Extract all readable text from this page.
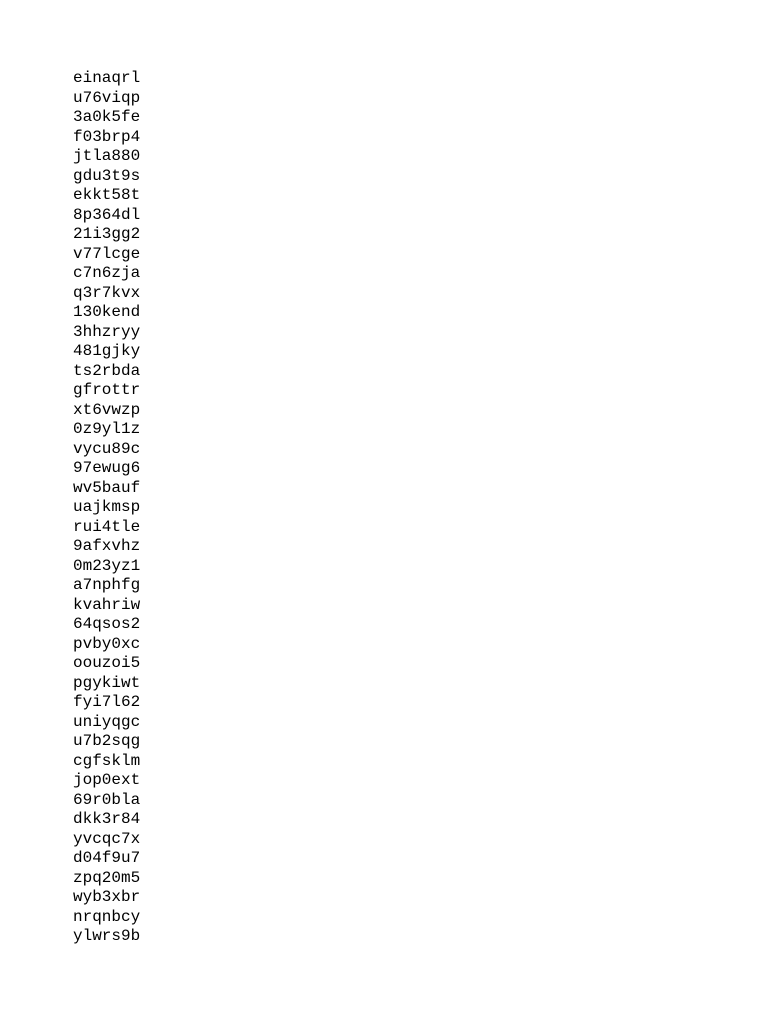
einaqrl
u76viqp
3a0k5fe
f03brp4
jtla880
gdu3t9s
ekkt58t
8p364dl
21i3gg2
v77lcge
c7n6zja
q3r7kvx
130kend
3hhzryy
481gjky
ts2rbda
gfrottr
xt6vwzp
0z9yl1z
vycu89c
97ewug6
wv5bauf
uajkmsp
rui4tle
9afxvhz
0m23yz1
a7nphfg
kvahriw
64qsos2
pvby0xc
oouzoi5
pgykiwt
fyi7l62
uniyqgc
u7b2sqg
cgfsklm
jop0ext
69r0bla
dkk3r84
yvcqc7x
d04f9u7
zpq20m5
wyb3xbr
nrqnbcy
ylwrs9b
